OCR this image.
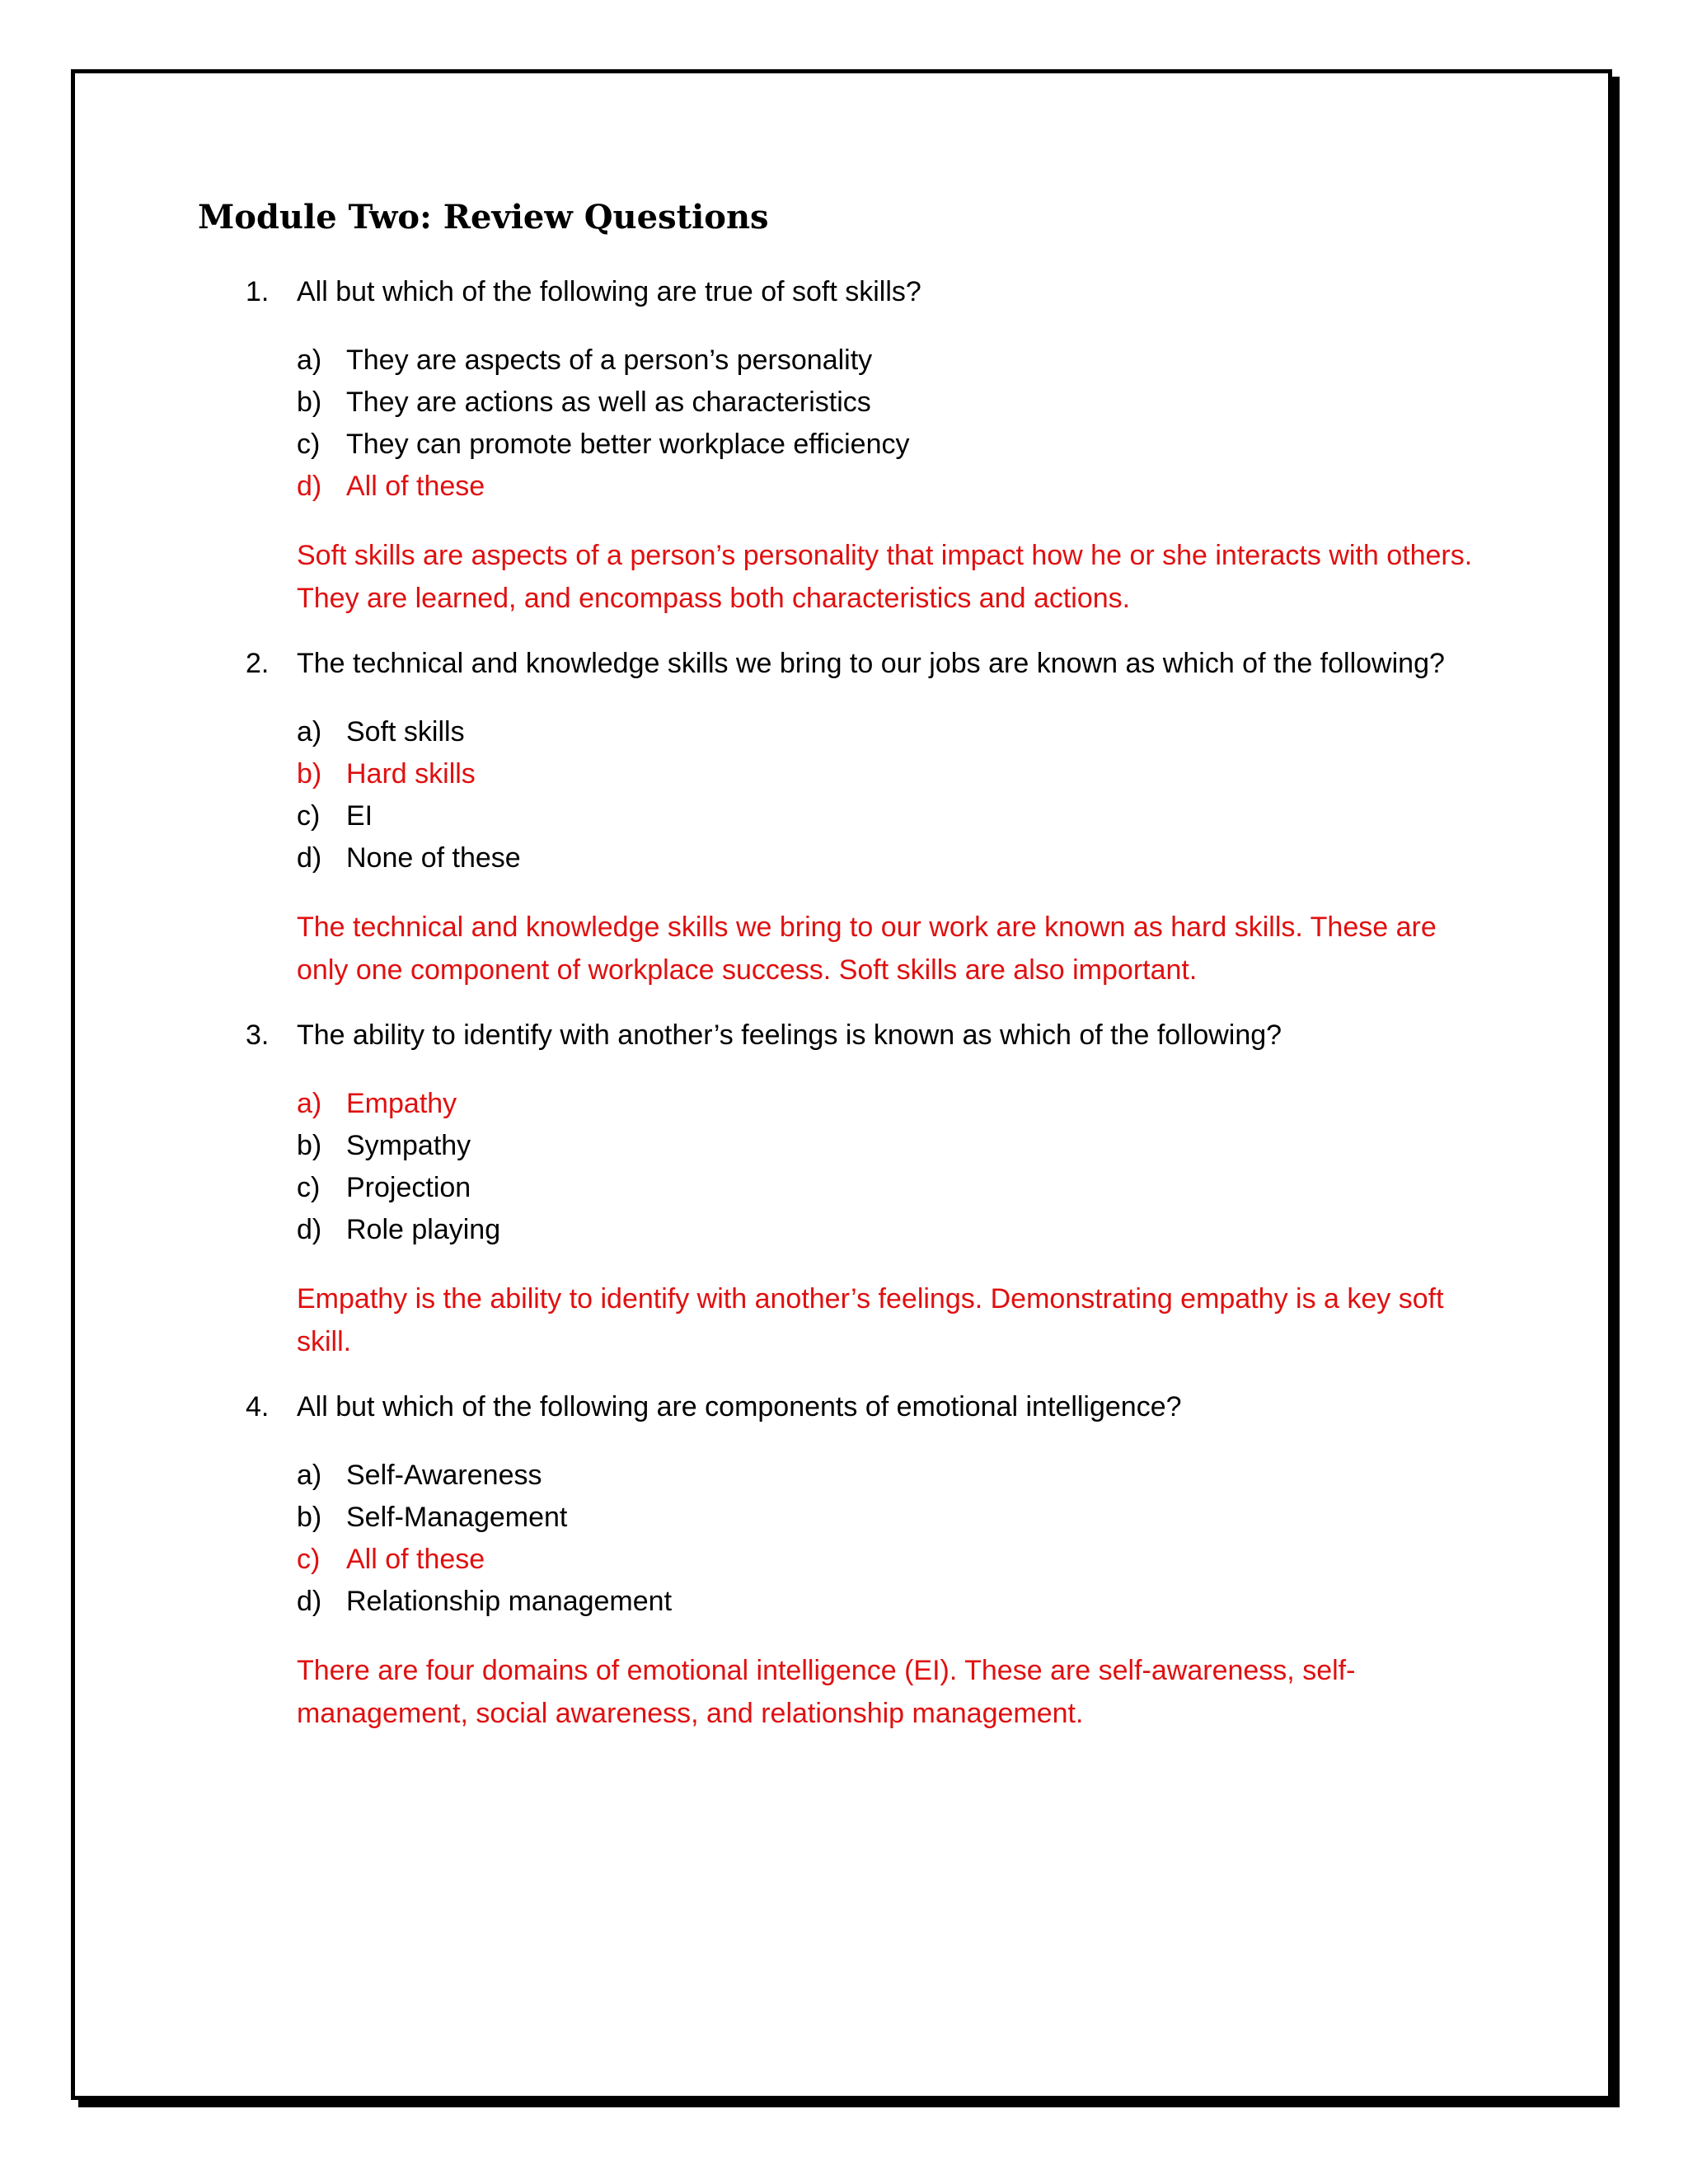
Module Two: Review Questions
1. All but which of the following are true of soft skills?
a) They are aspects of a person’s personality
b) They are actions as well as characteristics
c) They can promote better workplace efficiency
d) All of these

Soft skills are aspects of a person’s personality that impact how he or she interacts with others. They are learned, and encompass both characteristics and actions.

2. The technical and knowledge skills we bring to our jobs are known as which of the following?
a) Soft skills
b) Hard skills
c) EI
d) None of these

The technical and knowledge skills we bring to our work are known as hard skills. These are only one component of workplace success. Soft skills are also important.

3. The ability to identify with another’s feelings is known as which of the following?
a) Empathy
b) Sympathy
c) Projection
d) Role playing

Empathy is the ability to identify with another’s feelings. Demonstrating empathy is a key soft skill.

4. All but which of the following are components of emotional intelligence?
a) Self-Awareness
b) Self-Management
c) All of these
d) Relationship management

There are four domains of emotional intelligence (EI). These are self-awareness, self-management, social awareness, and relationship management.
